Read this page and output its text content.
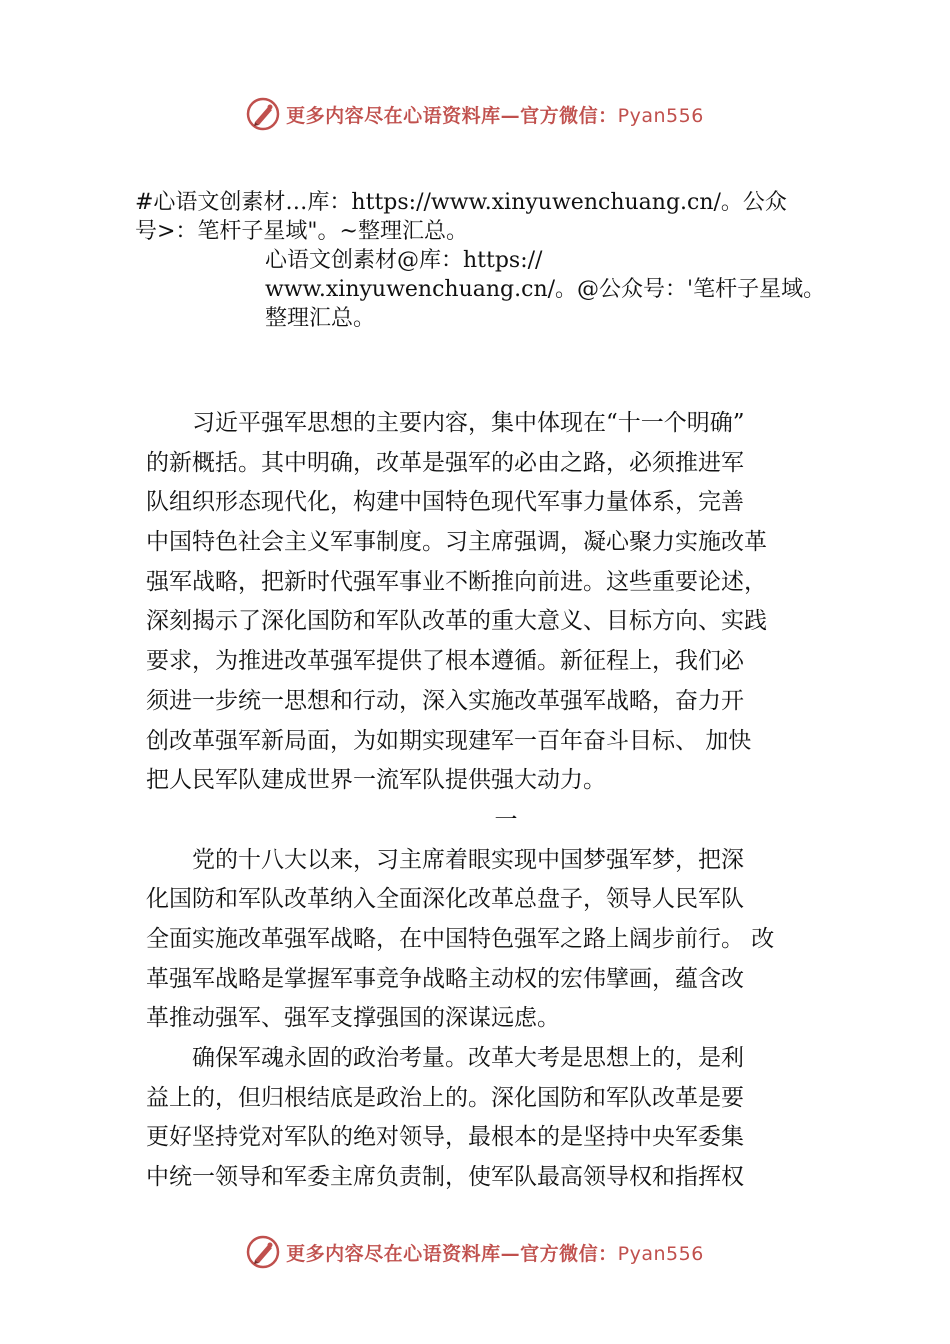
更多内容尽在心语资料库—官方微信：Pyan556
#心语文创素材…库：https://www.xinyuwenchuang.cn/。公众
号>：笔杆子星域"。~整理汇总。
心语文创素材@库：https://
www.xinyuwenchuang.cn/。@公众号：'笔杆子星域。
整理汇总。
　　习近平强军思想的主要内容，集中体现在“十一个明确”
的新概括。其中明确，改革是强军的必由之路，必须推进军
队组织形态现代化，构建中国特色现代军事力量体系，完善
中国特色社会主义军事制度。习主席强调，凝心聚力实施改革
强军战略，把新时代强军事业不断推向前进。这些重要论述，
深刻揭示了深化国防和军队改革的重大意义、目标方向、实践
要求，为推进改革强军提供了根本遵循。新征程上，我们必
须进一步统一思想和行动，深入实施改革强军战略，奋力开
创改革强军新局面，为如期实现建军一百年奋斗目标、 加快
把人民军队建成世界一流军队提供强大动力。
一
　　党的十八大以来，习主席着眼实现中国梦强军梦，把深
化国防和军队改革纳入全面深化改革总盘子，领导人民军队
全面实施改革强军战略，在中国特色强军之路上阔步前行。 改
革强军战略是掌握军事竞争战略主动权的宏伟擘画，蕴含改
革推动强军、强军支撑强国的深谋远虑。
　　确保军魂永固的政治考量。改革大考是思想上的，是利
益上的，但归根结底是政治上的。深化国防和军队改革是要
更好坚持党对军队的绝对领导，最根本的是坚持中央军委集
中统一领导和军委主席负责制，使军队最高领导权和指挥权
更多内容尽在心语资料库—官方微信：Pyan556
